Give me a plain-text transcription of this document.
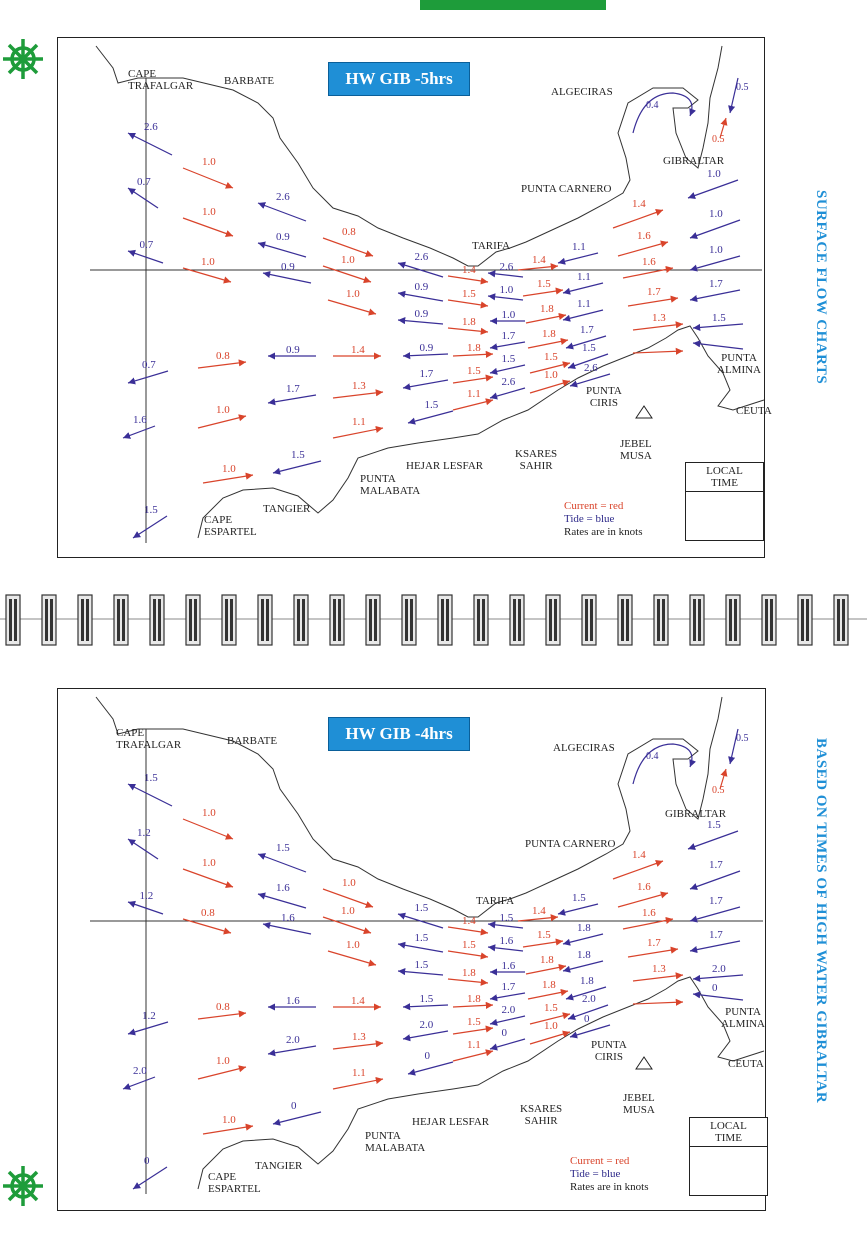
SURFACE FLOW CHARTS
BASED ON TIMES OF HIGH WATER GIBRALTAR
0.4
0.5
0.5
2.6
0.7
0.7
0.7
1.6
1.5
1.0
1.0
1.0
0.8
1.0
1.0
2.6
0.9
0.9
0.9
1.7
1.5
0.8
1.0
1.0
1.4
1.3
1.1
2.6
0.9
0.9
0.9
1.7
1.5
1.4
1.5
1.8
1.8
1.5
1.1
2.6
1.0
1.0
1.7
1.5
2.6
1.4
1.5
1.8
1.8
1.5
1.0
1.1
1.1
1.1
1.7
1.5
2.6
1.4
1.6
1.6
1.7
1.3
1.0
1.0
1.0
1.7
1.5
HW GIB -5hrs
CAPE
TRAFALGAR	BARBATE
ALGECIRAS
GIBRALTAR
PUNTA CARNERO
TARIFA
PUNTA
ALMINA
CEUTA
PUNTA
CIRIS
JEBEL
MUSA
KSARES
SAHIR
HEJAR LESFAR
PUNTA
MALABATA
TANGIER
CAPE
ESPARTEL
Current = red
Tide = blue
Rates are in knots
LOCAL
TIME
0.4
0.5
0.5
1.5
1.2
1.2
1.2
2.0
0
1.0
1.0
0.8
0.8
1.0
1.0
1.5
1.6
1.6
1.6
2.0
0
1.0
1.0
1.0
1.4
1.3
1.1
1.5
1.5
1.5
1.5
2.0
0
1.4
1.5
1.8
1.8
1.5
1.1
1.5
1.6
1.6
1.7
2.0
0
1.4
1.5
1.8
1.8
1.5
1.0
1.5
1.8
1.8
1.8
2.0
0
1.4
1.6
1.6
1.7
1.3
1.5
1.7
1.7
1.7
2.0
0
HW GIB -4hrs
CAPE
TRAFALGAR	BARBATE
ALGECIRAS
GIBRALTAR
PUNTA CARNERO
TARIFA
PUNTA
ALMINA
CEUTA
PUNTA
CIRIS
JEBEL
MUSA
KSARES
SAHIR
HEJAR LESFAR
PUNTA
MALABATA
TANGIER
CAPE
ESPARTEL
Current = red
Tide = blue
Rates are in knots
LOCAL
TIME
